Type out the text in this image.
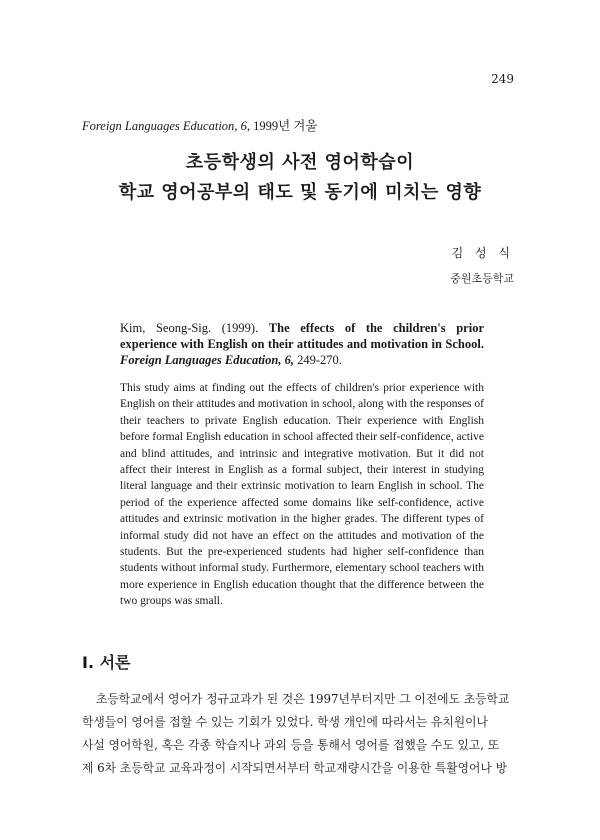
249
Foreign Languages Education, 6, 1999년 겨울
초등학생의 사전 영어학습이
학교 영어공부의 태도 및 동기에 미치는 영향
김 성 식
중원초등학교
Kim, Seong-Sig. (1999). The effects of the children's prior experience with English on their attitudes and motivation in School. Foreign Languages Education, 6, 249-270.
This study aims at finding out the effects of children's prior experience with English on their attitudes and motivation in school, along with the responses of their teachers to private English education. Their experience with English before formal English education in school affected their self-confidence, active and blind attitudes, and intrinsic and integrative motivation. But it did not affect their interest in English as a formal subject, their interest in studying literal language and their extrinsic motivation to learn English in school. The period of the experience affected some domains like self-confidence, active attitudes and extrinsic motivation in the higher grades. The different types of informal study did not have an effect on the attitudes and motivation of the students. But the pre-experienced students had higher self-confidence than students without informal study. Furthermore, elementary school teachers with more experience in English education thought that the difference between the two groups was small.
Ⅰ. 서론
초등학교에서 영어가 정규교과가 된 것은 1997년부터지만 그 이전에도 초등학교
학생들이 영어를 접할 수 있는 기회가 있었다. 학생 개인에 따라서는 유치원이나
사설 영어학원, 혹은 각종 학습지나 과외 등을 통해서 영어를 접했을 수도 있고, 또
제 6차 초등학교 교육과정이 시작되면서부터 학교재량시간을 이용한 특활영어나 방
